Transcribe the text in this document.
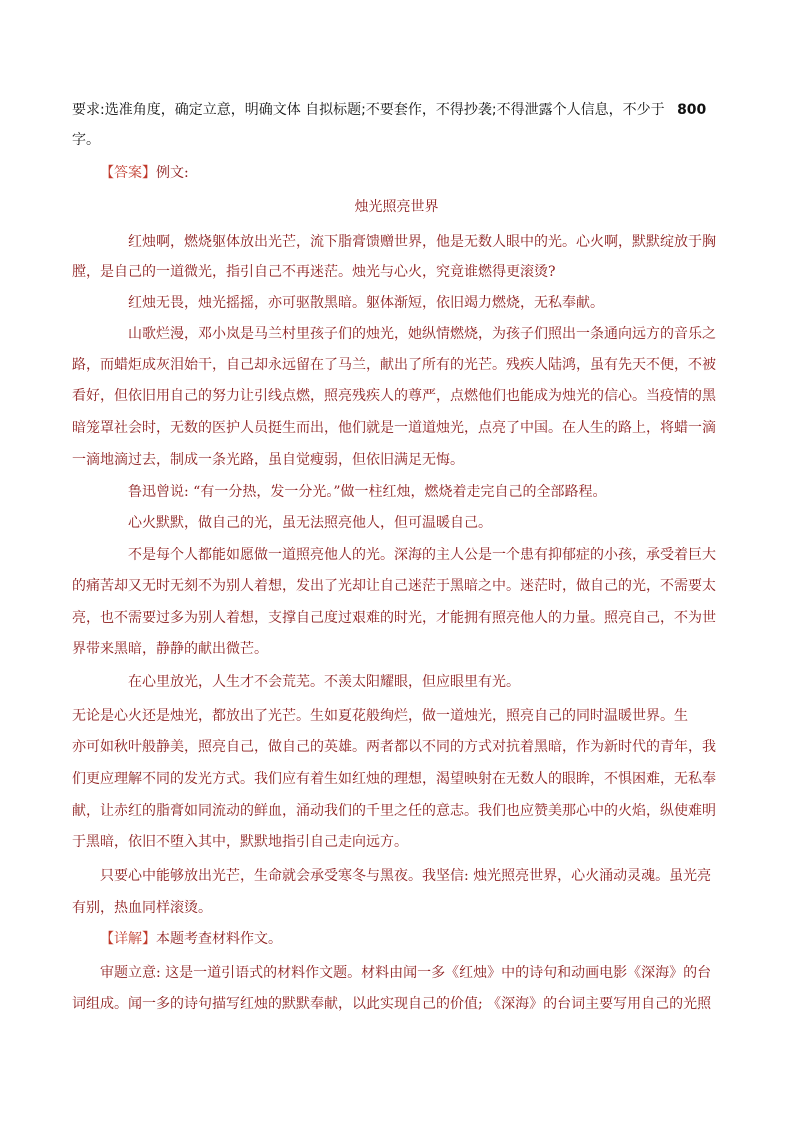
要求:选准角度，确定立意，明确文体 自拟标题;不要套作，不得抄袭;不得泄露个人信息，不少于 800
字。
【答案】例文:
烛光照亮世界
红烛啊，燃烧躯体放出光芒，流下脂膏馈赠世界，他是无数人眼中的光。心火啊，默默绽放于胸
膛，是自己的一道微光，指引自己不再迷茫。烛光与心火，究竟谁燃得更滚烫?
红烛无畏，烛光摇摇，亦可驱散黑暗。躯体渐短，依旧竭力燃烧，无私奉献。
山歌烂漫，邓小岚是马兰村里孩子们的烛光，她纵情燃烧，为孩子们照出一条通向远方的音乐之
路，而蜡炬成灰泪始干，自己却永远留在了马兰，献出了所有的光芒。残疾人陆鸿，虽有先天不便，不被
看好，但依旧用自己的努力让引线点燃，照亮残疾人的尊严，点燃他们也能成为烛光的信心。当疫情的黑
暗笼罩社会时，无数的医护人员挺生而出，他们就是一道道烛光，点亮了中国。在人生的路上，将蜡一滴
一滴地滴过去，制成一条光路，虽自觉瘦弱，但依旧满足无悔。
鲁迅曾说: “有一分热，发一分光。”做一柱红烛，燃烧着走完自己的全部路程。
心火默默，做自己的光，虽无法照亮他人，但可温暖自己。
不是每个人都能如愿做一道照亮他人的光。深海的主人公是一个患有抑郁症的小孩，承受着巨大
的痛苦却又无时无刻不为别人着想，发出了光却让自己迷茫于黑暗之中。迷茫时，做自己的光，不需要太
亮，也不需要过多为别人着想，支撑自己度过艰难的时光，才能拥有照亮他人的力量。照亮自己，不为世
界带来黑暗，静静的献出微芒。
在心里放光，人生才不会荒芜。不羡太阳耀眼，但应眼里有光。
无论是心火还是烛光，都放出了光芒。生如夏花般绚烂，做一道烛光，照亮自己的同时温暖世界。生
亦可如秋叶般静美，照亮自己，做自己的英雄。两者都以不同的方式对抗着黑暗，作为新时代的青年，我
们更应理解不同的发光方式。我们应有着生如红烛的理想，渴望映射在无数人的眼眸，不惧困难，无私奉
献，让赤红的脂膏如同流动的鲜血，涌动我们的千里之任的意志。我们也应赞美那心中的火焰，纵使难明
于黑暗，依旧不堕入其中，默默地指引自己走向远方。
只要心中能够放出光芒，生命就会承受寒冬与黑夜。我坚信: 烛光照亮世界，心火涌动灵魂。虽光亮
有别，热血同样滚烫。
【详解】本题考查材料作文。
审题立意: 这是一道引语式的材料作文题。材料由闻一多《红烛》中的诗句和动画电影《深海》的台
词组成。闻一多的诗句描写红烛的默默奉献，以此实现自己的价值; 《深海》的台词主要写用自己的光照
